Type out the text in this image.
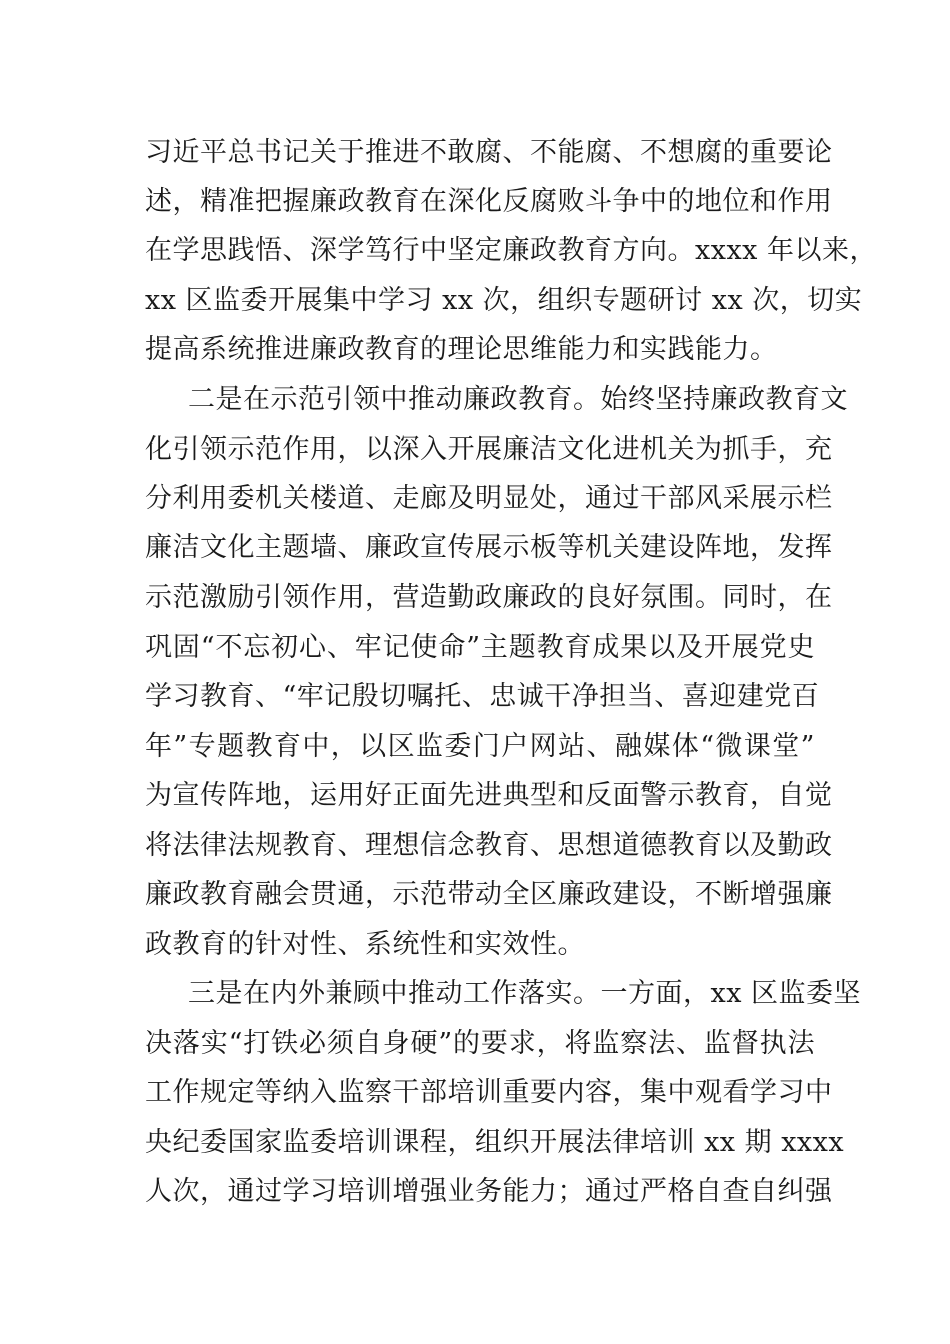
习近平总书记关于推进不敢腐、不能腐、不想腐的重要论
述，精准把握廉政教育在深化反腐败斗争中的地位和作用
在学思践悟、深学笃行中坚定廉政教育方向。xxxx 年以来，
xx 区监委开展集中学习 xx 次，组织专题研讨 xx 次，切实
提高系统推进廉政教育的理论思维能力和实践能力。
二是在示范引领中推动廉政教育。始终坚持廉政教育文
化引领示范作用，以深入开展廉洁文化进机关为抓手，充
分利用委机关楼道、走廊及明显处，通过干部风采展示栏
廉洁文化主题墙、廉政宣传展示板等机关建设阵地，发挥
示范激励引领作用，营造勤政廉政的良好氛围。同时，在
巩固“不忘初心、牢记使命”主题教育成果以及开展党史
学习教育、“牢记殷切嘱托、忠诚干净担当、喜迎建党百
年”专题教育中，以区监委门户网站、融媒体“微课堂”
为宣传阵地，运用好正面先进典型和反面警示教育，自觉
将法律法规教育、理想信念教育、思想道德教育以及勤政
廉政教育融会贯通，示范带动全区廉政建设，不断增强廉
政教育的针对性、系统性和实效性。
三是在内外兼顾中推动工作落实。一方面，xx 区监委坚
决落实“打铁必须自身硬”的要求，将监察法、监督执法
工作规定等纳入监察干部培训重要内容，集中观看学习中
央纪委国家监委培训课程，组织开展法律培训 xx 期 xxxx
人次，通过学习培训增强业务能力；通过严格自查自纠强
